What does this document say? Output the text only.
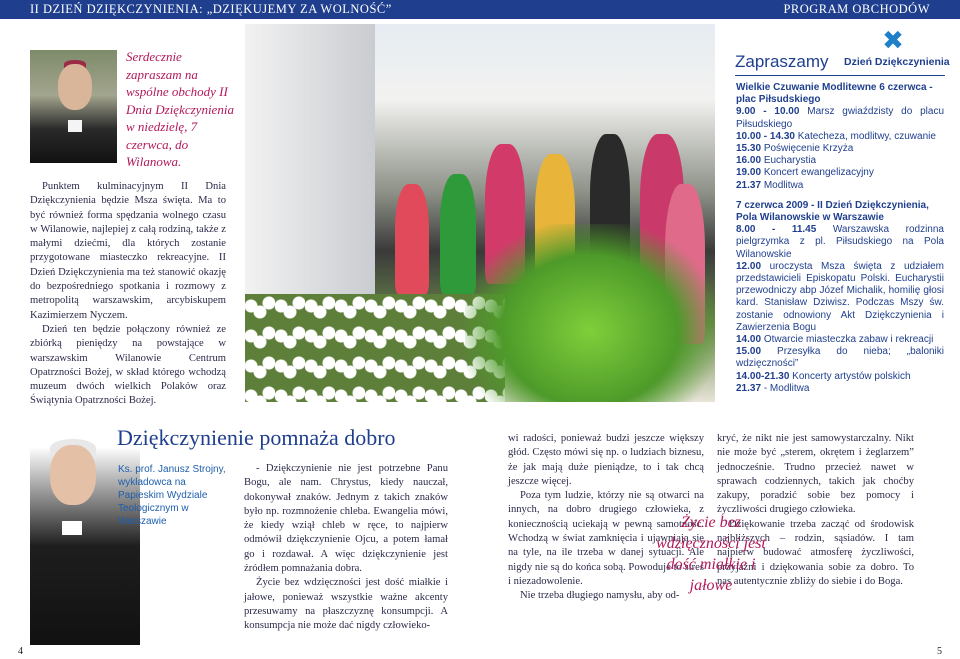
II DZIEŃ DZIĘKCZYNIENIA: „DZIĘKUJEMY ZA WOLNOŚĆ”	PROGRAM OBCHODÓW
Serdecznie zapraszam na wspólne obchody II Dnia Dziękczynienia w niedzielę, 7 czerwca, do Wilanowa.

Punktem kulminacyjnym II Dnia Dziękczynienia będzie Msza święta. Ma to być również forma spędzania wolnego czasu w Wilanowie, najlepiej z całą rodziną, także z małymi dziećmi, dla których zostanie przygotowane miasteczko rekreacyjne. II Dzień Dziękczynienia ma też stanowić okazję do bezpośredniego spotkania i rozmowy z metropolitą warszawskim, arcybiskupem Kazimierzem Nyczem.

Dzień ten będzie połączony również ze zbiórką pieniędzy na powstające w warszawskim Wilanowie Centrum Opatrzności Bożej, w skład którego wchodzą muzeum dwóch wielkich Polaków oraz Świątynia Opatrzności Bożej.

✖
Zapraszamy Dzień Dziękczynienia
Wielkie Czuwanie Modlitewne 6 czerwca - plac Piłsudskiego
9.00 - 10.00 Marsz gwiaździsty do placu Piłsudskiego
10.00 - 14.30 Katecheza, modlitwy, czuwanie
15.30 Poświęcenie Krzyża
16.00 Eucharystia
19.00 Koncert ewangelizacyjny
21.37 Modlitwa
7 czerwca 2009 - II Dzień Dziękczynienia, Pola Wilanowskie w Warszawie
8.00 - 11.45 Warszawska rodzinna pielgrzymka z pl. Piłsudskiego na Pola Wilanowskie
12.00 uroczysta Msza święta z udziałem przedstawicieli Episkopatu Polski. Eucharystii przewodniczy abp Józef Michalik, homilię głosi kard. Stanisław Dziwisz. Podczas Mszy św. zostanie odnowiony Akt Dziękczynienia i Zawierzenia Bogu
14.00 Otwarcie miasteczka zabaw i rekreacji
15.00 Przesyłka do nieba; „baloniki wdzięczności”
14.00-21.30 Koncerty artystów polskich
21.37 - Modlitwa
Dziękczynienie pomnaża dobro
Ks. prof. Janusz Strojny, wykładowca na Papieskim Wydziale Teologicznym w Warszawie

- Dziękczynienie nie jest potrzebne Panu Bogu, ale nam. Chrystus, kiedy nauczał, dokonywał znaków. Jednym z takich znaków było np. rozmnożenie chleba. Ewangelia mówi, że kiedy wziął chleb w ręce, to najpierw odmówił dziękczynienie Ojcu, a potem łamał go i rozdawał. A więc dziękczynienie jest źródłem pomnażania dobra.

Życie bez wdzięczności jest dość miałkie i jałowe, ponieważ wszystkie ważne akcenty przesuwamy na płaszczyznę konsumpcji. A konsumpcja nie może dać nigdy człowieko-

wi radości, ponieważ budzi jeszcze większy głód. Często mówi się np. o ludziach biznesu, że jak mają duże pieniądze, to i tak chcą jeszcze więcej.

Poza tym ludzie, którzy nie są otwarci na innych, na dobro drugiego człowieka, z koniecznością uciekają w pewną samotność. Wchodzą w świat zamknięcia i ujawniają się na tyle, na ile trzeba w danej sytuacji. Ale nigdy nie są do końca sobą. Powoduje to stres i niezadowolenie.

Nie trzeba długiego namysłu, aby od-

kryć, że nikt nie jest samowystarczalny. Nikt nie może być „sterem, okrętem i żeglarzem” jednocześnie. Trudno przecież nawet w sprawach codziennych, takich jak choćby zakupy, poradzić sobie bez pomocy i życzliwości drugiego człowieka.

Dziękowanie trzeba zacząć od środowisk najbliższych – rodzin, sąsiadów. I tam najpierw budować atmosferę życzliwości, przyjaźni i dziękowania sobie za dobro. To nas autentycznie zbliży do siebie i do Boga.

Życie bez wdzięczności jest dość miałkie i jałowe
4	5
